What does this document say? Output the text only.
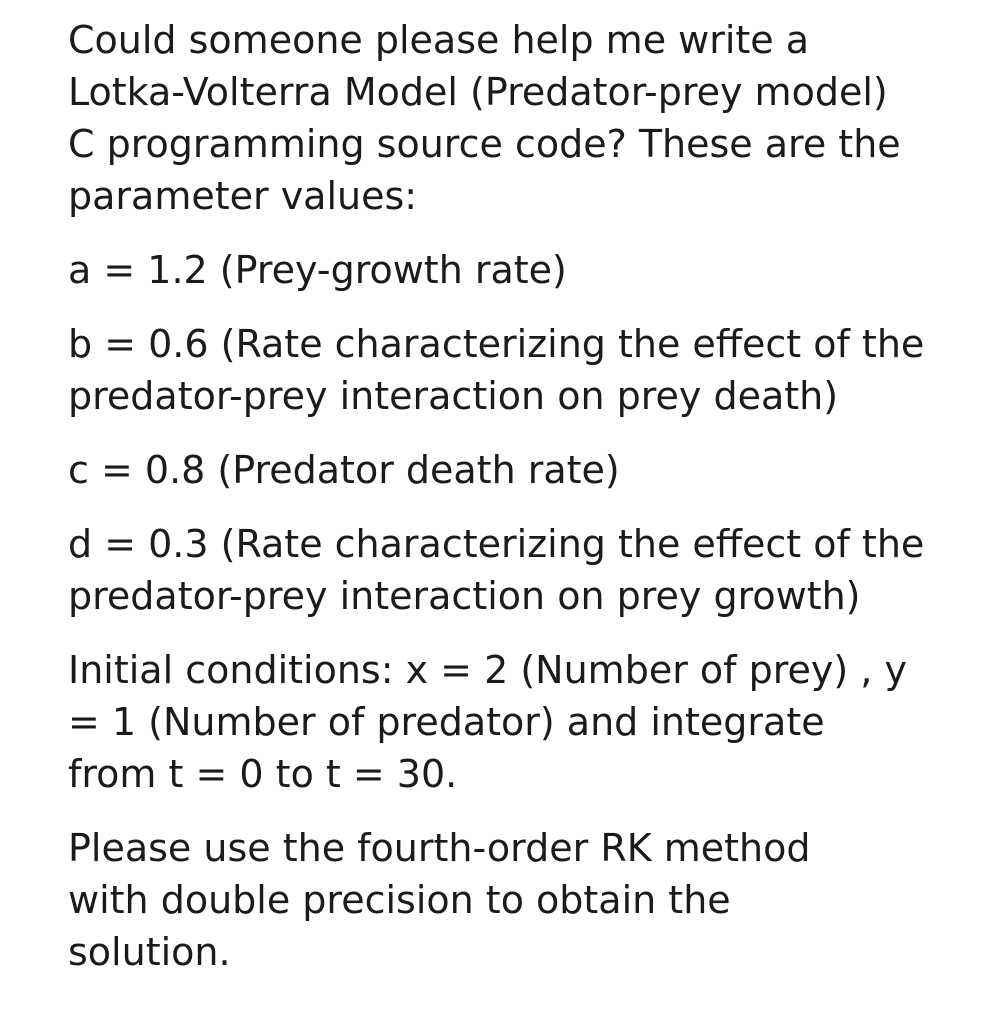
Could someone please help me write a
Lotka-Volterra Model (Predator-prey model)
C programming source code? These are the
parameter values:

a = 1.2 (Prey-growth rate)

b = 0.6 (Rate characterizing the effect of the
predator-prey interaction on prey death)

c = 0.8 (Predator death rate)

d = 0.3 (Rate characterizing the effect of the
predator-prey interaction on prey growth)

Initial conditions: x = 2 (Number of prey) , y
= 1 (Number of predator) and integrate
from t = 0 to t = 30.

Please use the fourth-order RK method
with double precision to obtain the
solution.
